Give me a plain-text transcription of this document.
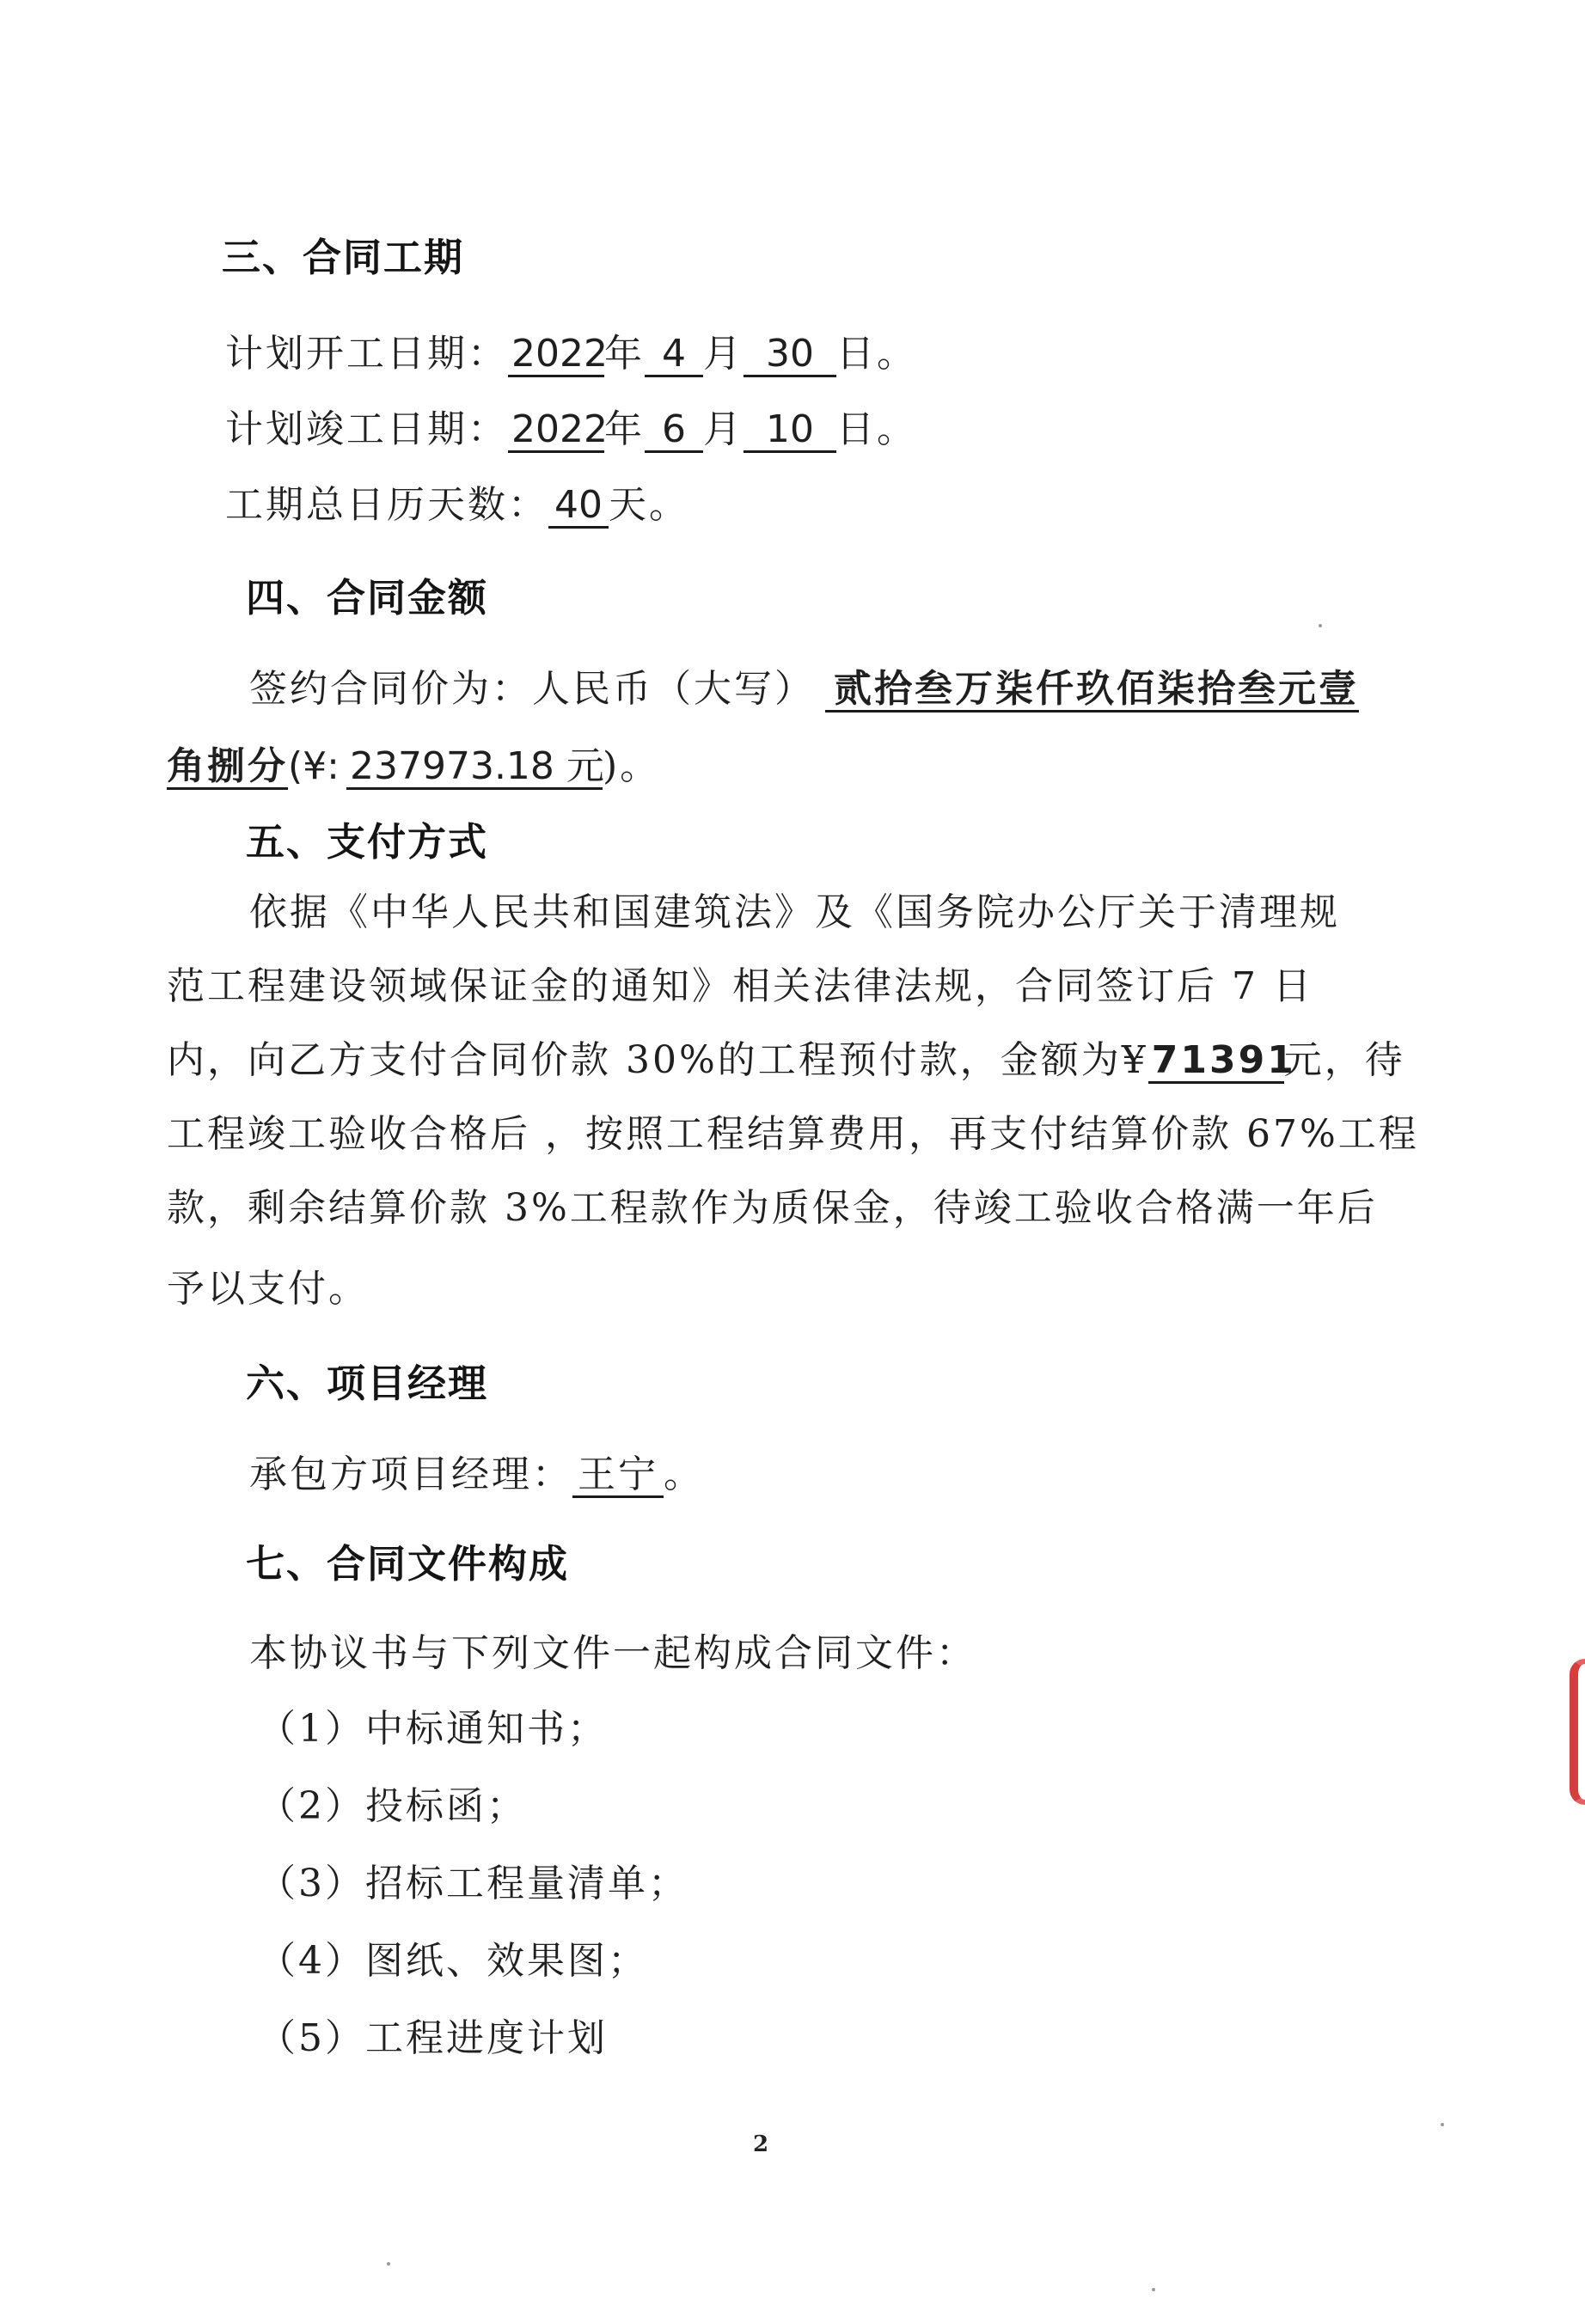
三、合同工期
计划开工日期：2022年 4 月 30 日。
计划竣工日期：2022年 6 月 10 日。
工期总日历天数： 40 天。
四、合同金额
签约合同价为：人民币（大写） 贰拾叁万柒仟玖佰柒拾叁元壹
角捌分(¥: 237973.18 元)。
五、支付方式
依据《中华人民共和国建筑法》及《国务院办公厅关于清理规
范工程建设领域保证金的通知》相关法律法规，合同签订后 7 日
内，向乙方支付合同价款 30%的工程预付款，金额为¥71391元，待
工程竣工验收合格后 ，按照工程结算费用，再支付结算价款 67%工程
款，剩余结算价款 3%工程款作为质保金，待竣工验收合格满一年后
予以支付。
六、项目经理
承包方项目经理： 王宁 。
七、合同文件构成
本协议书与下列文件一起构成合同文件：
（1）中标通知书；
（2）投标函；
（3）招标工程量清单；
（4）图纸、效果图；
（5）工程进度计划
2
